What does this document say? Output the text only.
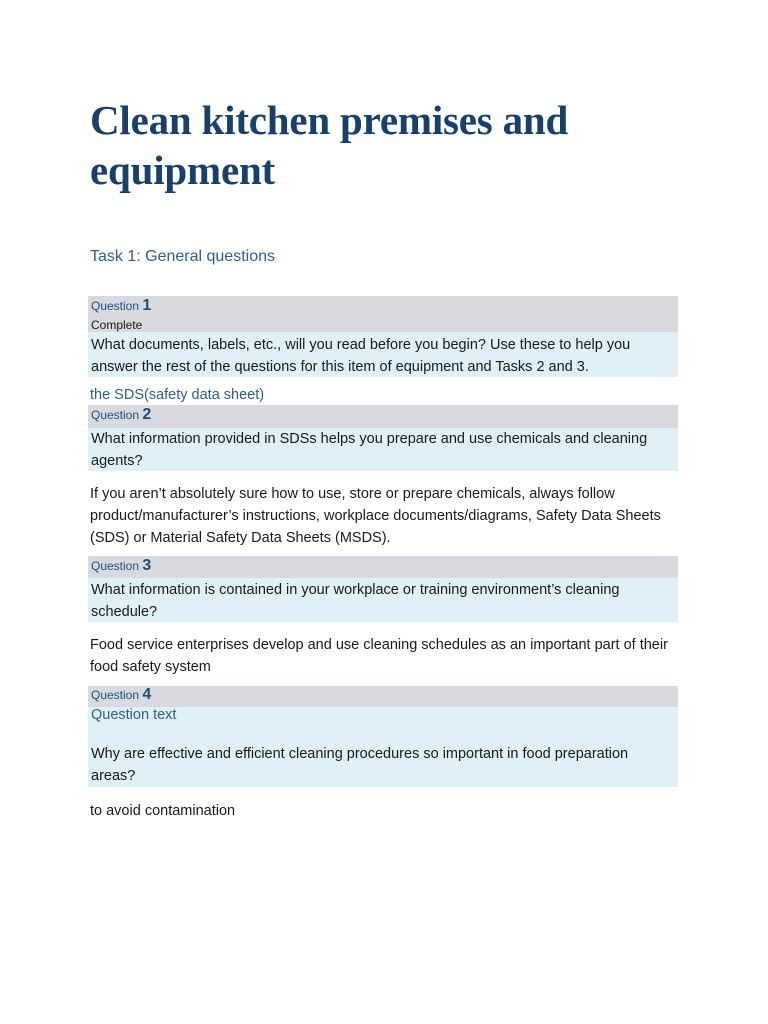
Clean kitchen premises and equipment
Task 1: General questions
Question 1
Complete

What documents, labels, etc., will you read before you begin? Use these to help you answer the rest of the questions for this item of equipment and Tasks 2 and 3.

the SDS(safety data sheet)

Question 2

What information provided in SDSs helps you prepare and use chemicals and cleaning agents?

If you aren’t absolutely sure how to use, store or prepare chemicals, always follow product/manufacturer’s instructions, workplace documents/diagrams, Safety Data Sheets (SDS) or Material Safety Data Sheets (MSDS).

Question 3

What information is contained in your workplace or training environment’s cleaning schedule?

Food service enterprises develop and use cleaning schedules as an important part of their food safety system

Question 4
Question text

Why are effective and efficient cleaning procedures so important in food preparation areas?

to avoid contamination
